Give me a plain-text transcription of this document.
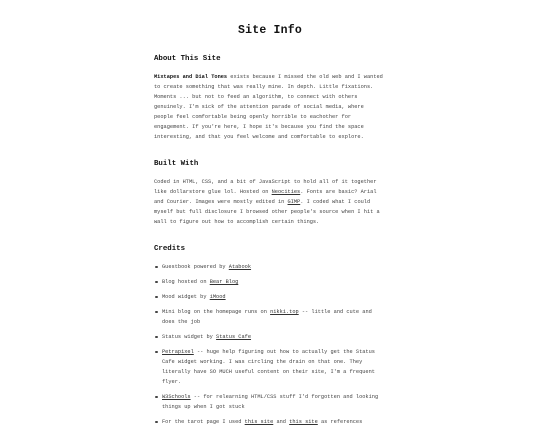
Site Info
About This Site

Mixtapes and Dial Tones exists because I missed the old web and I wanted to create something that was really mine. In depth. Little fixations. Moments ... but not to feed an algorithm, to connect with others genuinely. I'm sick of the attention parade of social media, where people feel comfortable being openly horrible to eachother for engagement. If you're here, I hope it's because you find the space interesting, and that you feel welcome and comfortable to explore.

Built With

Coded in HTML, CSS, and a bit of JavaScript to hold all of it together like dollarstore glue lol. Hosted on Neocities. Fonts are basic? Arial and Courier. Images were mostly edited in GIMP. I coded what I could myself but full disclosure I browsed other people's source when I hit a wall to figure out how to accomplish certain things.

Credits
Guestbook powered by Atabook
Blog hosted on Bear Blog
Mood widget by iMood
Mini blog on the homepage runs on nikki.top -- little and cute and does the job
Status widget by Status Cafe
Petrapixel -- huge help figuring out how to actually get the Status Cafe widget working. I was circling the drain on that one. They literally have SO MUCH useful content on their site, I'm a frequent flyer.
W3Schools -- for relearning HTML/CSS stuff I'd forgotten and looking things up when I got stuck
For the tarot page I used this site and this site as references
